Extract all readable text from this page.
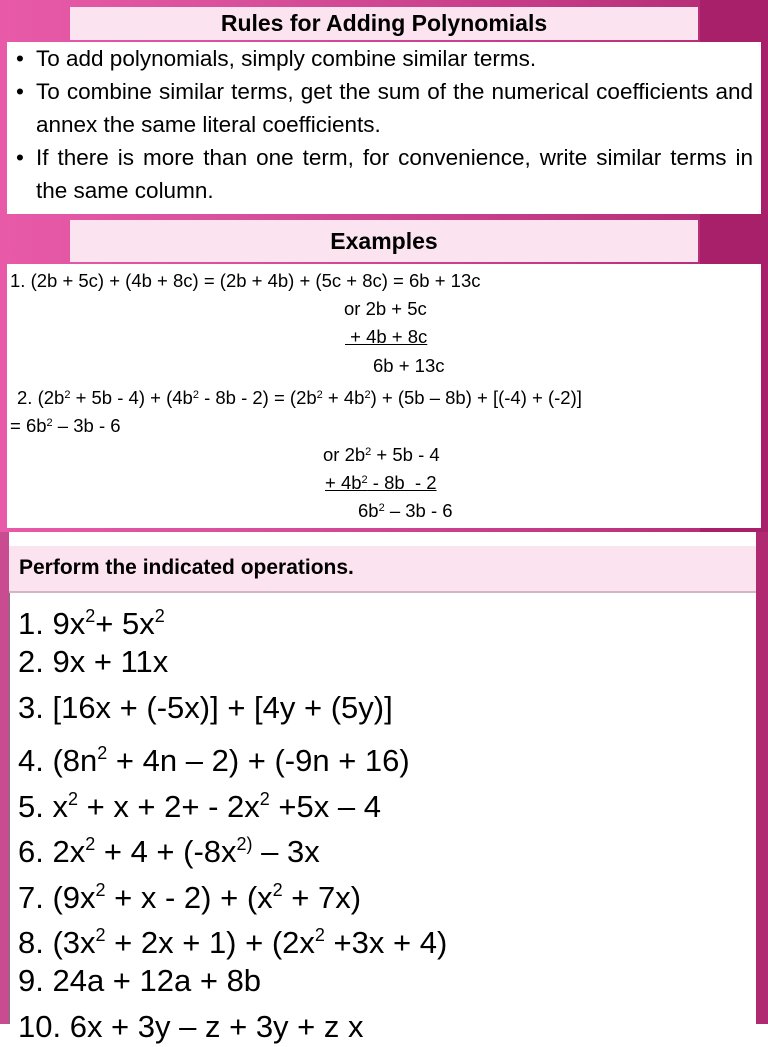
Rules for Adding Polynomials
• To add polynomials, simply combine similar terms.
• To combine similar terms, get the sum of the numerical coefficients and annex the same literal coefficients.
• If there is more than one term, for convenience, write similar terms in the same column.
Examples
1. (2b + 5c) + (4b + 8c) = (2b + 4b) + (5c + 8c) = 6b + 13c
or 2b + 5c
+ 4b + 8c
6b + 13c
2. $(2b^2 + 5b - 4) + (4b^2 - 8b - 2) = (2b^2 + 4b^2) + (5b - 8b) + [(-4) + (-2)]$
= $6b^2 - 3b - 6$
or $2b^2 + 5b - 4$
+ $4b^2 - 8b - 2$
$6b^2 - 3b - 6$
Perform the indicated operations.
1. $9x^2+ 5x^2$
2. 9x + 11x
3. [16x + (-5x)] + [4y + (5y)]
4. $(8n^2 + 4n - 2) + (-9n + 16)$
5. $x^2 + x + 2+ - 2x^2 +5x - 4$
6. $2x^2 + 4 + (-8x^{2)} - 3x$
7. $(9x^2 + x - 2) + (x^2 + 7x)$
8. $(3x^2 + 2x + 1) + (2x^2 +3x + 4)$
9. 24a + 12a + 8b
10. 6x + 3y – z + 3y + z x
